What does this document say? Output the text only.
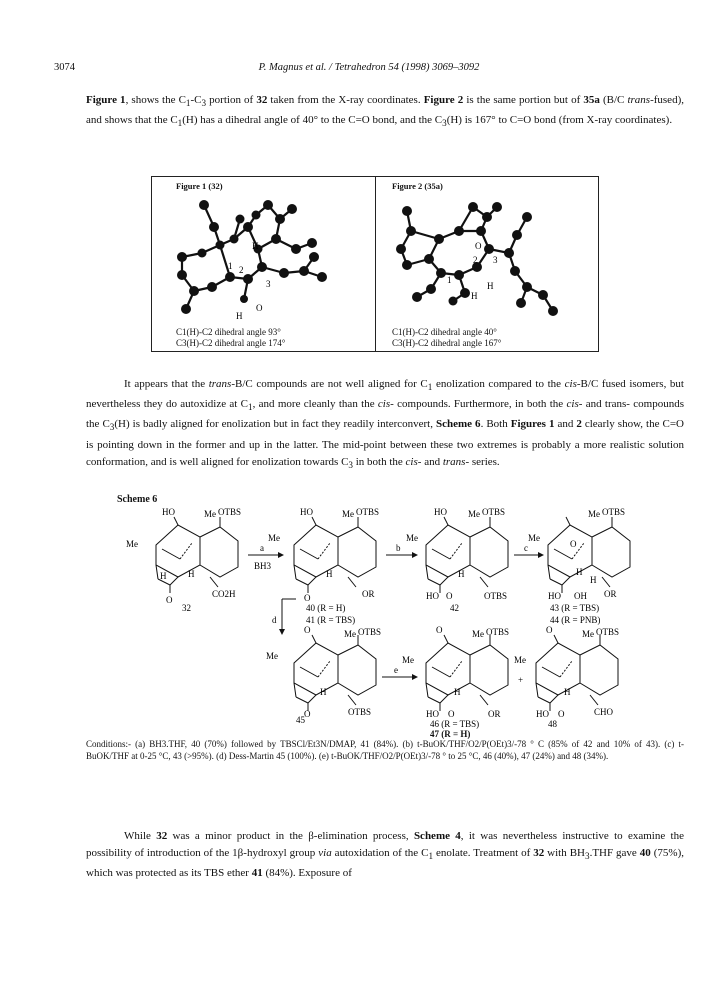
3074	P. Magnus et al. / Tetrahedron 54 (1998) 3069–3092
Figure 1, shows the $C_1-C_3$ portion of 32 taken from the X-ray coordinates. Figure 2 is the same portion but of 35a (B/C trans-fused), and shows that the $C_1(H)$ has a dihedral angle of 40° to the C=O bond, and the $C_3(H)$ is 167° to C=O bond (from X-ray coordinates).
Figure 1 (32)	Figure 2 (35a)
H
2
1
3
H
O
O
2 3
1
H
H
C1(H)-C2 dihedral angle 93°
C3(H)-C2 dihedral angle 174°
C1(H)-C2 dihedral angle 40°
C3(H)-C2 dihedral angle 167°
It appears that the trans-B/C compounds are not well aligned for $C_1$ enolization compared to the cis-B/C fused isomers, but nevertheless they do autoxidize at $C_1$, and more cleanly than the cis- compounds. Furthermore, in both the cis- and trans- compounds the $C_3(H)$ is badly aligned for enolization but in fact they readily interconvert, Scheme 6. Both Figures 1 and 2 clearly show, the C=O is pointing down in the former and up in the latter. The mid-point between these two extremes is probably a more realistic solution conformation, and is well aligned for enolization towards $C_3$ in both the cis- and trans- series.
Scheme 6
HO	Me OTBS
Me
H H
O
CO2H
32
a
BH3
HO	Me OTBS
Me
H
O	OR
40 (R = H)
41 (R = TBS)
b
HO Me OTBS
Me
H
HO O	OTBS
42
c
Me OTBS
Me
O
H
H
HO OH OR
43 (R = TBS)
44 (R = PNB)
d
O	Me OTBS
Me
H
O	OTBS
45
e
O	Me OTBS
Me
H
HO O	OR
46 (R = TBS)
+
O	Me OTBS
Me
H
HO O	CHO
48
47 (R = H)
Conditions:- (a) BH3.THF, 40 (70%) followed by TBSCl/Et3N/DMAP, 41 (84%). (b) t-BuOK/THF/O2/P(OEt)3/-78 ° C (85% of 42 and 10% of 43). (c) t-BuOK/THF at 0-25 °C, 43 (>95%). (d) Dess-Martin 45 (100%). (e) t-BuOK/THF/O2/P(OEt)3/-78 ° to 25 °C, 46 (40%), 47 (24%) and 48 (34%).
While 32 was a minor product in the β-elimination process, Scheme 4, it was nevertheless instructive to examine the possibility of introduction of the 1β-hydroxyl group via autoxidation of the $C_1$ enolate. Treatment of 32 with $BH_3.THF$ gave 40 (75%), which was protected as its TBS ether 41 (84%). Exposure of
